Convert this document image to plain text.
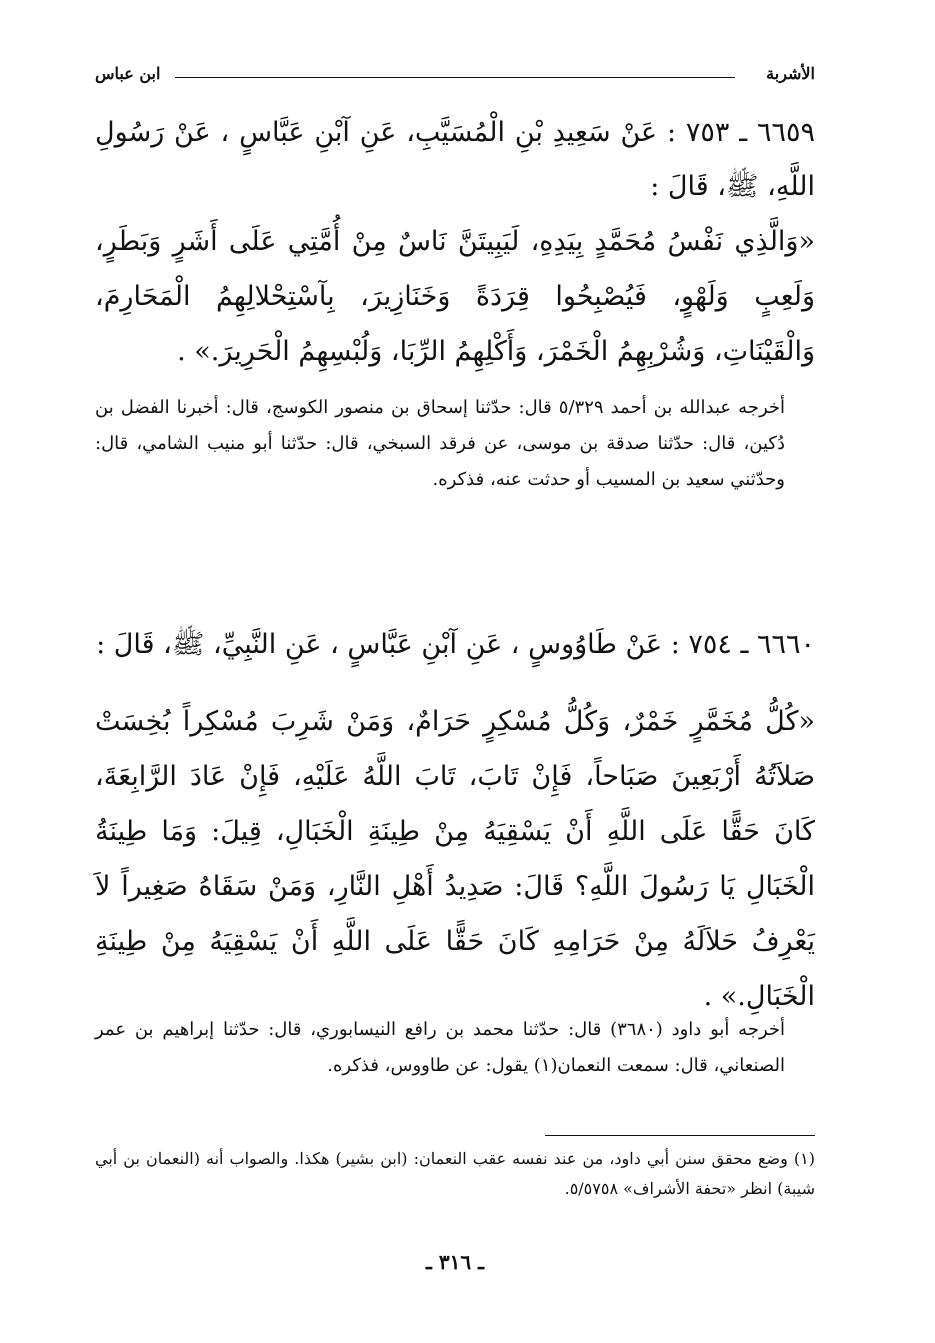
الأشربة
ابن عباس

٦٦٥٩ ـ ٧٥٣ : عَنْ سَعِيدِ بْنِ الْمُسَيَّبِ، عَنِ آبْنِ عَبَّاسٍ ، عَنْ رَسُولِ اللَّهِ، ﷺ، قَالَ :

«وَالَّذِي نَفْسُ مُحَمَّدٍ بِيَدِهِ، لَيَبِيتَنَّ نَاسٌ مِنْ أُمَّتِي عَلَى أَشَرٍ وَبَطَرٍ، وَلَعِبٍ وَلَهْوٍ، فَيُصْبِحُوا قِرَدَةً وَخَنَازِيرَ، بِآسْتِحْلالِهِمُ الْمَحَارِمَ، وَالْقَيْنَاتِ، وَشُرْبِهِمُ الْخَمْرَ، وَأَكْلِهِمُ الرِّبَا، وَلُبْسِهِمُ الْحَرِيرَ.» .

أخرجه عبدالله بن أحمد ٥/٣٢٩ قال: حدّثنا إسحاق بن منصور الكوسج، قال: أخبرنا الفضل بن دُكين، قال: حدّثنا صدقة بن موسى، عن فرقد السبخي، قال: حدّثنا أبو منيب الشامي، قال: وحدّثني سعيد بن المسيب أو حدثت عنه، فذكره.

٦٦٦٠ ـ ٧٥٤ : عَنْ طَاوُوسٍ ، عَنِ آبْنِ عَبَّاسٍ ، عَنِ النَّبِيِّ، ﷺ، قَالَ :

«كُلُّ مُخَمَّرٍ خَمْرٌ، وَكُلُّ مُسْكِرٍ حَرَامٌ، وَمَنْ شَرِبَ مُسْكِراً بُخِسَتْ صَلاَتُهُ أَرْبَعِينَ صَبَاحاً، فَإِنْ تَابَ، تَابَ اللَّهُ عَلَيْهِ، فَإِنْ عَادَ الرَّابِعَةَ، كَانَ حَقًّا عَلَى اللَّهِ أَنْ يَسْقِيَهُ مِنْ طِينَةِ الْخَبَالِ، قِيلَ: وَمَا طِينَةُ الْخَبَالِ يَا رَسُولَ اللَّهِ؟ قَالَ: صَدِيدُ أَهْلِ النَّارِ، وَمَنْ سَقَاهُ صَغِيراً لاَ يَعْرِفُ حَلاَلَهُ مِنْ حَرَامِهِ كَانَ حَقًّا عَلَى اللَّهِ أَنْ يَسْقِيَهُ مِنْ طِينَةِ الْخَبَالِ.» .

أخرجه أبو داود (٣٦٨٠) قال: حدّثنا محمد بن رافع النيسابوري، قال: حدّثنا إبراهيم بن عمر الصنعاني، قال: سمعت النعمان(١) يقول: عن طاووس، فذكره.

(١) وضع محقق سنن أبي داود، من عند نفسه عقب النعمان: (ابن بشير) هكذا. والصواب أنه (النعمان بن أبي شيبة) انظر «تحفة الأشراف» ٥/٥٧٥٨.

ـ ٣١٦ ـ
